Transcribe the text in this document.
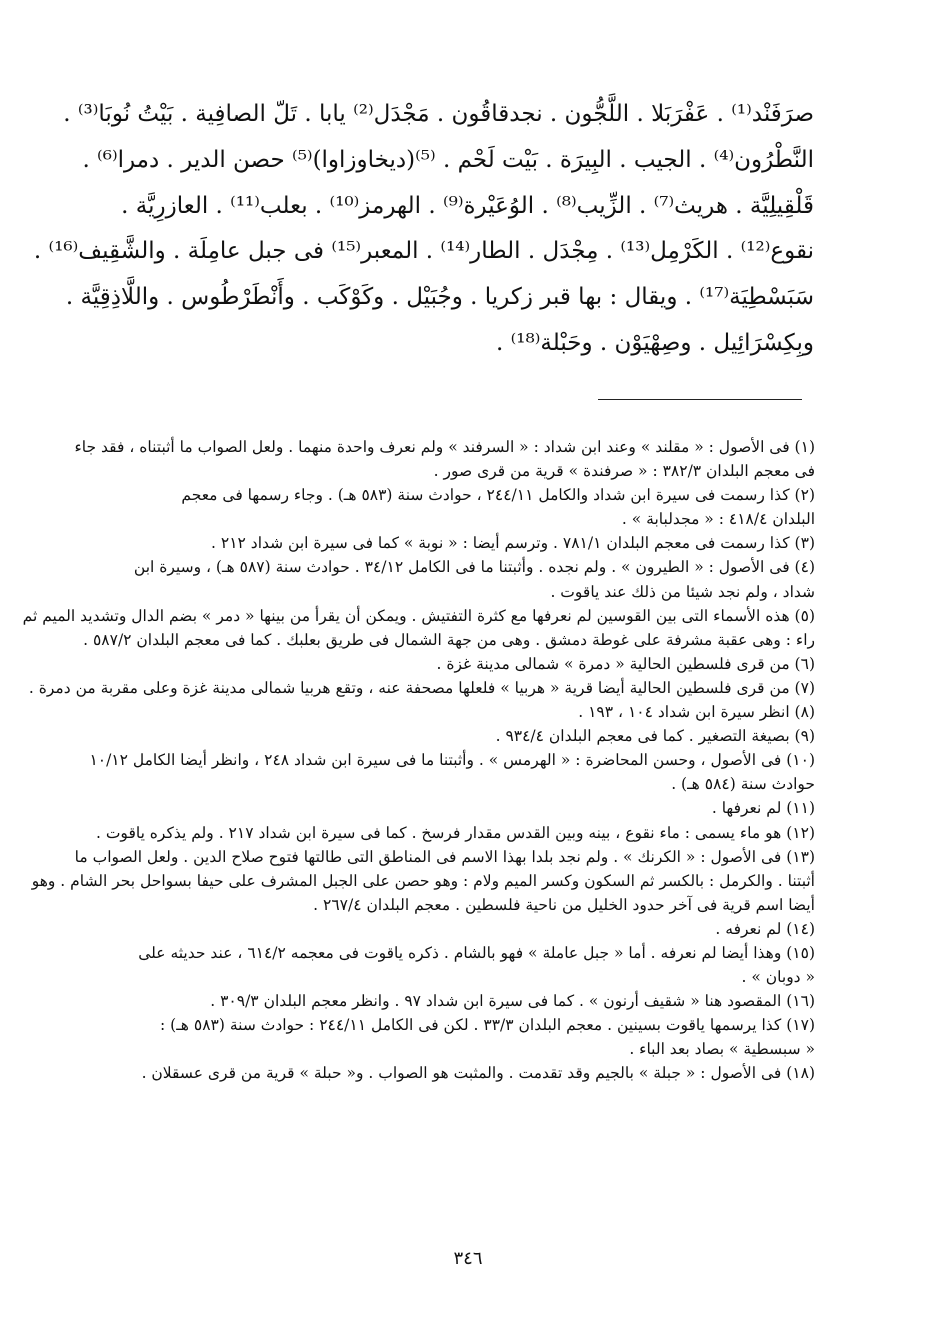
صرَفَنْد⁽¹⁾ . عَفْرَبَلا . اللَّجُّون . نجدقاقُون . مَجْدَل⁽²⁾ يابا . تَلّ الصافِية . بَيْتُ نُوبَا⁽³⁾ .
النَّطْرُون⁽⁴⁾ . الجيب . البِيرَة . بَيْت لَحْم . ⁽⁵⁾(ديخاوزاوا)⁽⁵⁾ حصن الدير . دمرا⁽⁶⁾ .
قَلْقِيلِيَّة . هريث⁽⁷⁾ . الزِّيب⁽⁸⁾ . الوُعَيْرة⁽⁹⁾ . الهرمز⁽¹⁰⁾ . بعلب⁽¹¹⁾ . العازرِيَّة .
نقوع⁽¹²⁾ . الكَرْمِل⁽¹³⁾ . مِجْدَل . الطار⁽¹⁴⁾ . المعبر⁽¹⁵⁾ فى جبل عامِلَة . والشَّقِيف⁽¹⁶⁾ .
سَبَسْطِيَة⁽¹⁷⁾ . ويقال : بها قبر زكريا . وجُبَيْل . وكَوْكَب . وأَنْطَرْطُوس . واللَّاذِقِيَّة .
وبِكِسْرَائِيل . وصِهْيَوْن . وحَبْلة⁽¹⁸⁾ .
(١) فى الأصول : « مقلند » وعند ابن شداد : « السرفند » ولم نعرف واحدة منهما . ولعل الصواب ما أثبتناه ، فقد جاء
فى معجم البلدان ٣٨٢/٣ : « صرفندة » قرية من قرى صور .
(٢) كذا رسمت فى سيرة ابن شداد والكامل ٢٤٤/١١ ، حوادث سنة (٥٨٣ هـ) . وجاء رسمها فى معجم
البلدان ٤١٨/٤ : « مجدلبابة » .
(٣) كذا رسمت فى معجم البلدان ٧٨١/١ . وترسم أيضا : « نوبة » كما فى سيرة ابن شداد ٢١٢ .
(٤) فى الأصول : « الطيرون » . ولم نجده . وأثبتنا ما فى الكامل ٣٤/١٢ . حوادث سنة (٥٨٧ هـ) ، وسيرة ابن
شداد ، ولم نجد شيئا من ذلك عند ياقوت .
(٥) هذه الأسماء التى بين القوسين لم نعرفها مع كثرة التفتيش . ويمكن أن يقرأ من بينها « دمر » بضم الدال وتشديد الميم ثم
راء : وهى عقبة مشرفة على غوطة دمشق . وهى من جهة الشمال فى طريق بعلبك . كما فى معجم البلدان ٥٨٧/٢ .
(٦) من قرى فلسطين الحالية « دمرة » شمالى مدينة غزة .
(٧) من قرى فلسطين الحالية أيضا قرية « هربيا » فلعلها مصحفة عنه ، وتقع هربيا شمالى مدينة غزة وعلى مقربة من دمرة .
(٨) انظر سيرة ابن شداد ١٠٤ ، ١٩٣ .
(٩) بصيغة التصغير . كما فى معجم البلدان ٩٣٤/٤ .
(١٠) فى الأصول ، وحسن المحاضرة : « الهرمس » . وأثبتنا ما فى سيرة ابن شداد ٢٤٨ ، وانظر أيضا الكامل ١٠/١٢
حوادث سنة (٥٨٤ هـ) .
(١١) لم نعرفها .
(١٢) هو ماء يسمى : ماء نقوع ، بينه وبين القدس مقدار فرسخ . كما فى سيرة ابن شداد ٢١٧ . ولم يذكره ياقوت .
(١٣) فى الأصول : « الكرنك » . ولم نجد بلدا بهذا الاسم فى المناطق التى طالتها فتوح صلاح الدين . ولعل الصواب ما
أثبتنا . والكرمل : بالكسر ثم السكون وكسر الميم ولام : وهو حصن على الجبل المشرف على حيفا بسواحل بحر الشام . وهو
أيضا اسم قرية فى آخر حدود الخليل من ناحية فلسطين . معجم البلدان ٢٦٧/٤ .
(١٤) لم نعرفه .
(١٥) وهذا أيضا لم نعرفه . أما « جبل عاملة » فهو بالشام . ذكره ياقوت فى معجمه ٦١٤/٢ ، عند حديثه على
« دوبان » .
(١٦) المقصود هنا « شقيف أرنون » . كما فى سيرة ابن شداد ٩٧ . وانظر معجم البلدان ٣٠٩/٣ .
(١٧) كذا يرسمها ياقوت بسينين . معجم البلدان ٣٣/٣ . لكن فى الكامل ٢٤٤/١١ : حوادث سنة (٥٨٣ هـ) :
« سبسطية » بصاد بعد الباء .
(١٨) فى الأصول : « جبلة » بالجيم وقد تقدمت . والمثبت هو الصواب . و« حبلة » قرية من قرى عسقلان .
٣٤٦
